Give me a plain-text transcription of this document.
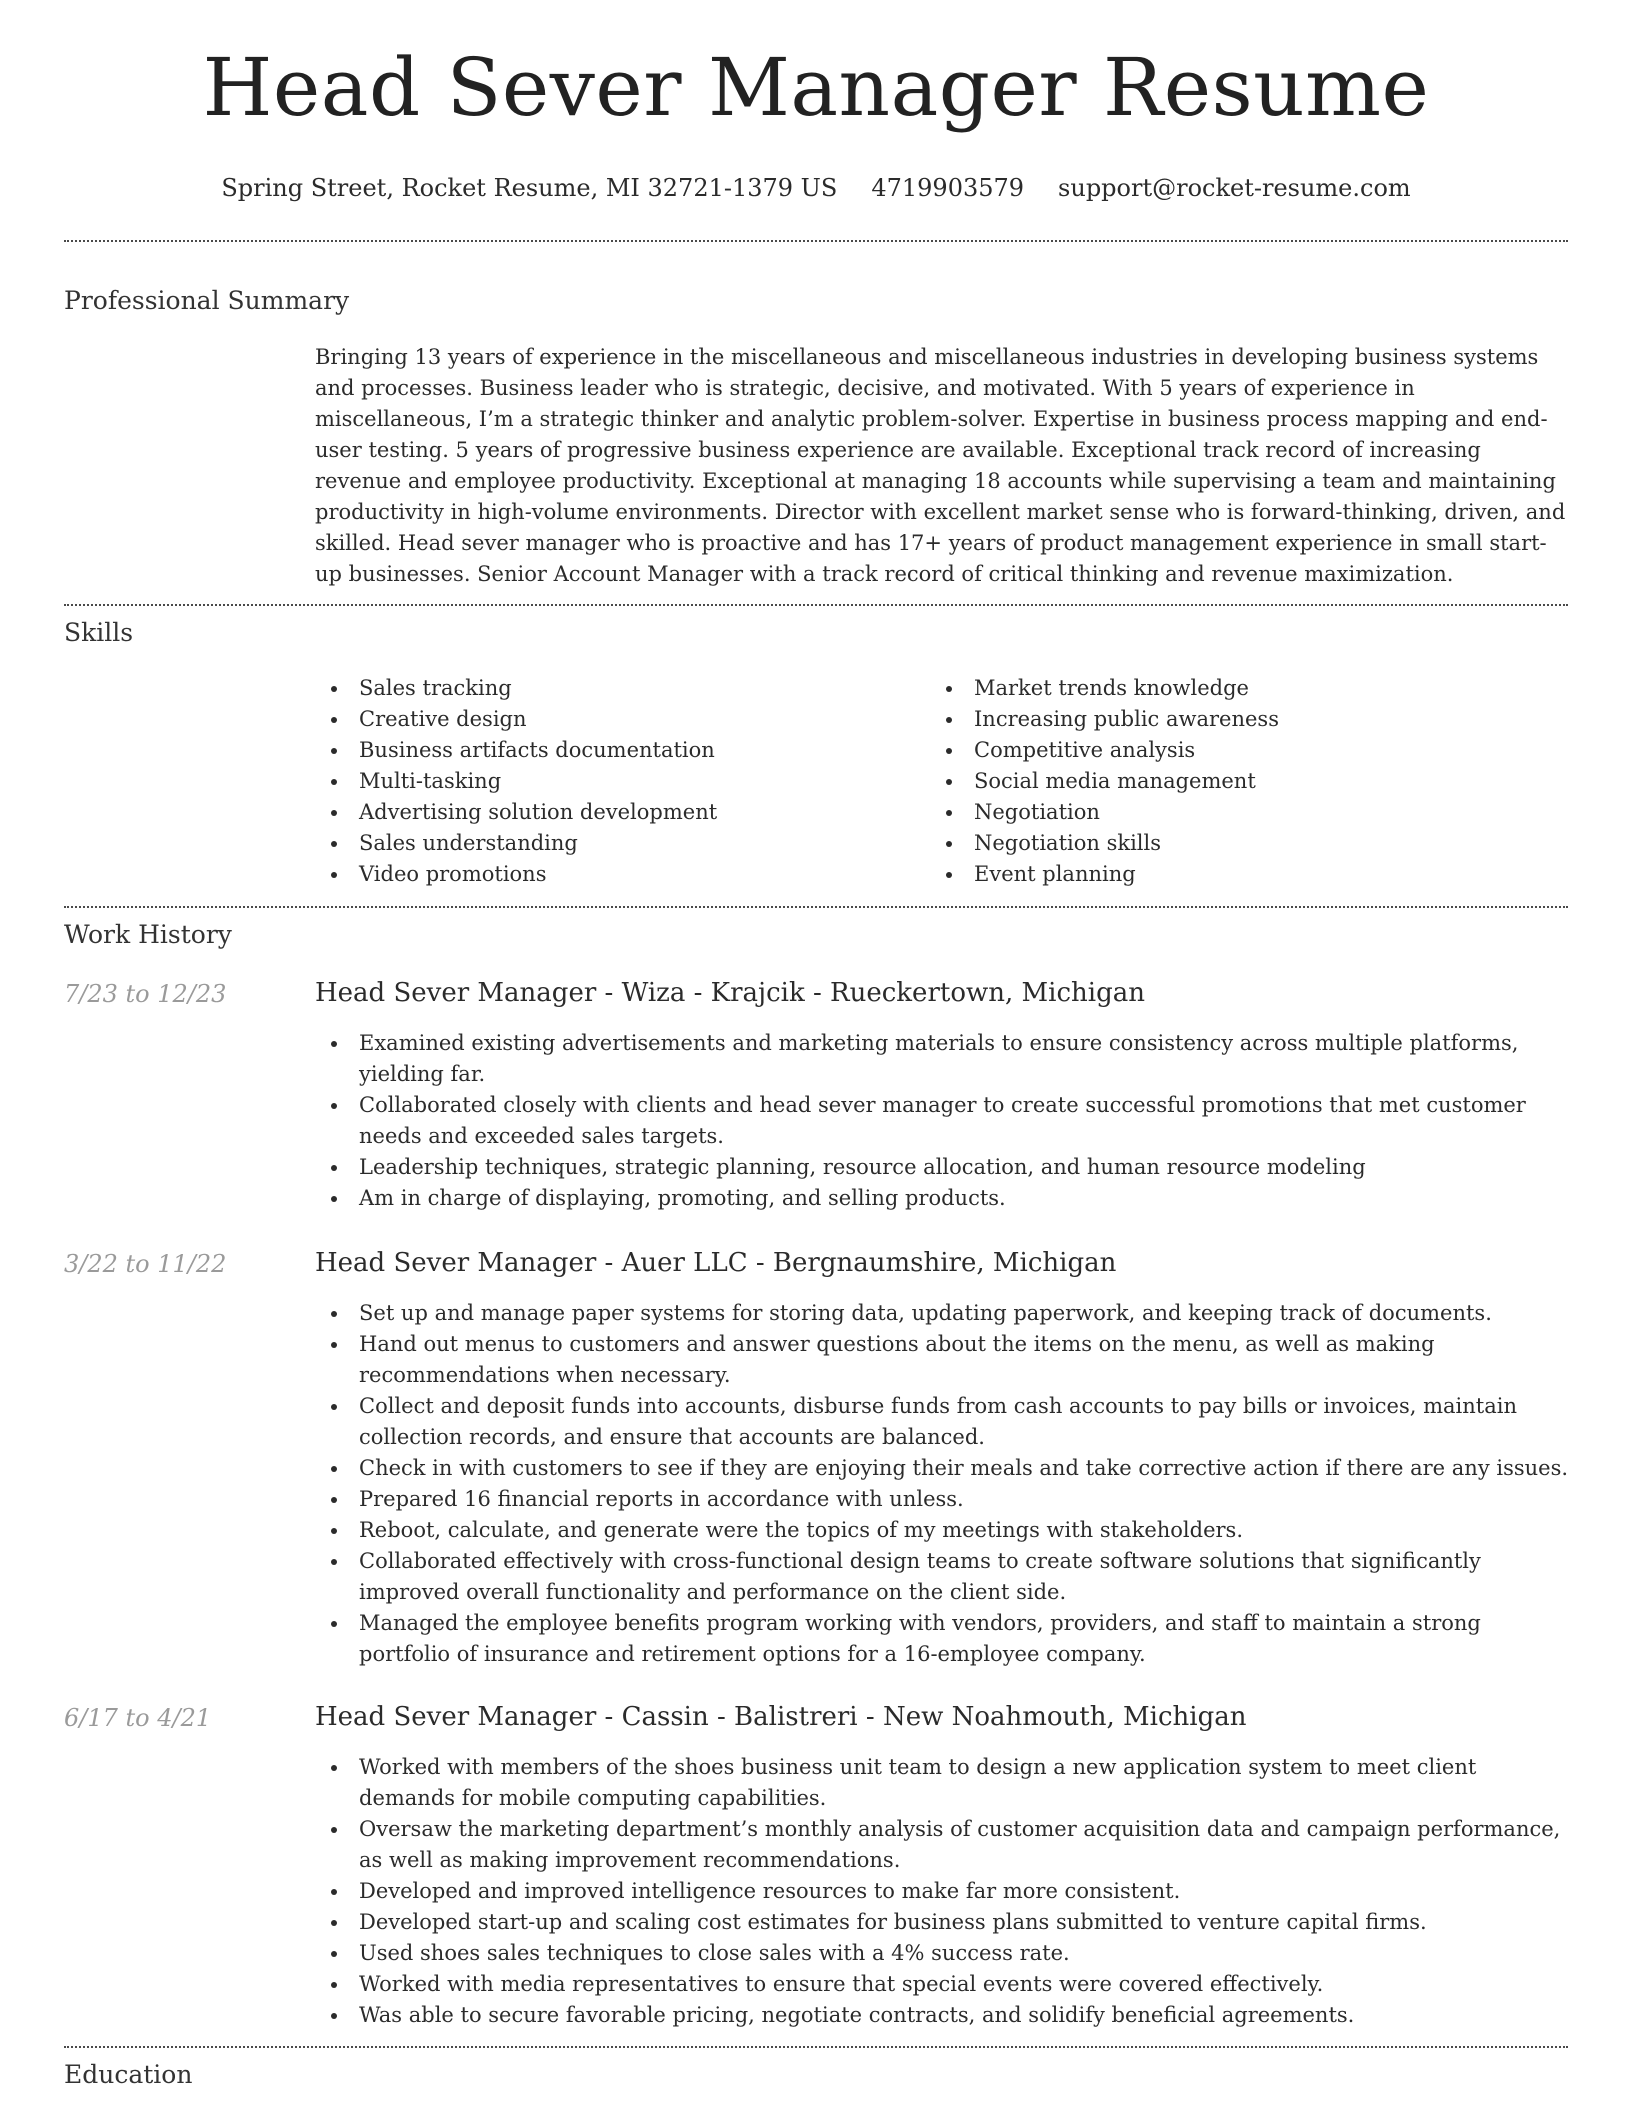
Head Sever Manager Resume
Spring Street, Rocket Resume, MI 32721-1379 US 4719903579 support@rocket-resume.com
Professional Summary

Bringing 13 years of experience in the miscellaneous and miscellaneous industries in developing business systems and processes. Business leader who is strategic, decisive, and motivated. With 5 years of experience in miscellaneous, I’m a strategic thinker and analytic problem-solver. Expertise in business process mapping and end-user testing. 5 years of progressive business experience are available. Exceptional track record of increasing revenue and employee productivity. Exceptional at managing 18 accounts while supervising a team and maintaining productivity in high-volume environments. Director with excellent market sense who is forward-thinking, driven, and skilled. Head sever manager who is proactive and has 17+ years of product management experience in small start-up businesses. Senior Account Manager with a track record of critical thinking and revenue maximization.

Skills
Sales tracking
Creative design
Business artifacts documentation
Multi-tasking
Advertising solution development
Sales understanding
Video promotions
Market trends knowledge
Increasing public awareness
Competitive analysis
Social media management
Negotiation
Negotiation skills
Event planning
Work History
7/23 to 12/23	Head Sever Manager - Wiza - Krajcik - Rueckertown, Michigan
Examined existing advertisements and marketing materials to ensure consistency across multiple platforms, yielding far.
Collaborated closely with clients and head sever manager to create successful promotions that met customer needs and exceeded sales targets.
Leadership techniques, strategic planning, resource allocation, and human resource modeling
Am in charge of displaying, promoting, and selling products.
3/22 to 11/22	Head Sever Manager - Auer LLC - Bergnaumshire, Michigan
Set up and manage paper systems for storing data, updating paperwork, and keeping track of documents.
Hand out menus to customers and answer questions about the items on the menu, as well as making recommendations when necessary.
Collect and deposit funds into accounts, disburse funds from cash accounts to pay bills or invoices, maintain collection records, and ensure that accounts are balanced.
Check in with customers to see if they are enjoying their meals and take corrective action if there are any issues.
Prepared 16 financial reports in accordance with unless.
Reboot, calculate, and generate were the topics of my meetings with stakeholders.
Collaborated effectively with cross-functional design teams to create software solutions that significantly improved overall functionality and performance on the client side.
Managed the employee benefits program working with vendors, providers, and staff to maintain a strong portfolio of insurance and retirement options for a 16-employee company.
6/17 to 4/21	Head Sever Manager - Cassin - Balistreri - New Noahmouth, Michigan
Worked with members of the shoes business unit team to design a new application system to meet client demands for mobile computing capabilities.
Oversaw the marketing department’s monthly analysis of customer acquisition data and campaign performance, as well as making improvement recommendations.
Developed and improved intelligence resources to make far more consistent.
Developed start-up and scaling cost estimates for business plans submitted to venture capital firms.
Used shoes sales techniques to close sales with a 4% success rate.
Worked with media representatives to ensure that special events were covered effectively.
Was able to secure favorable pricing, negotiate contracts, and solidify beneficial agreements.
Education
